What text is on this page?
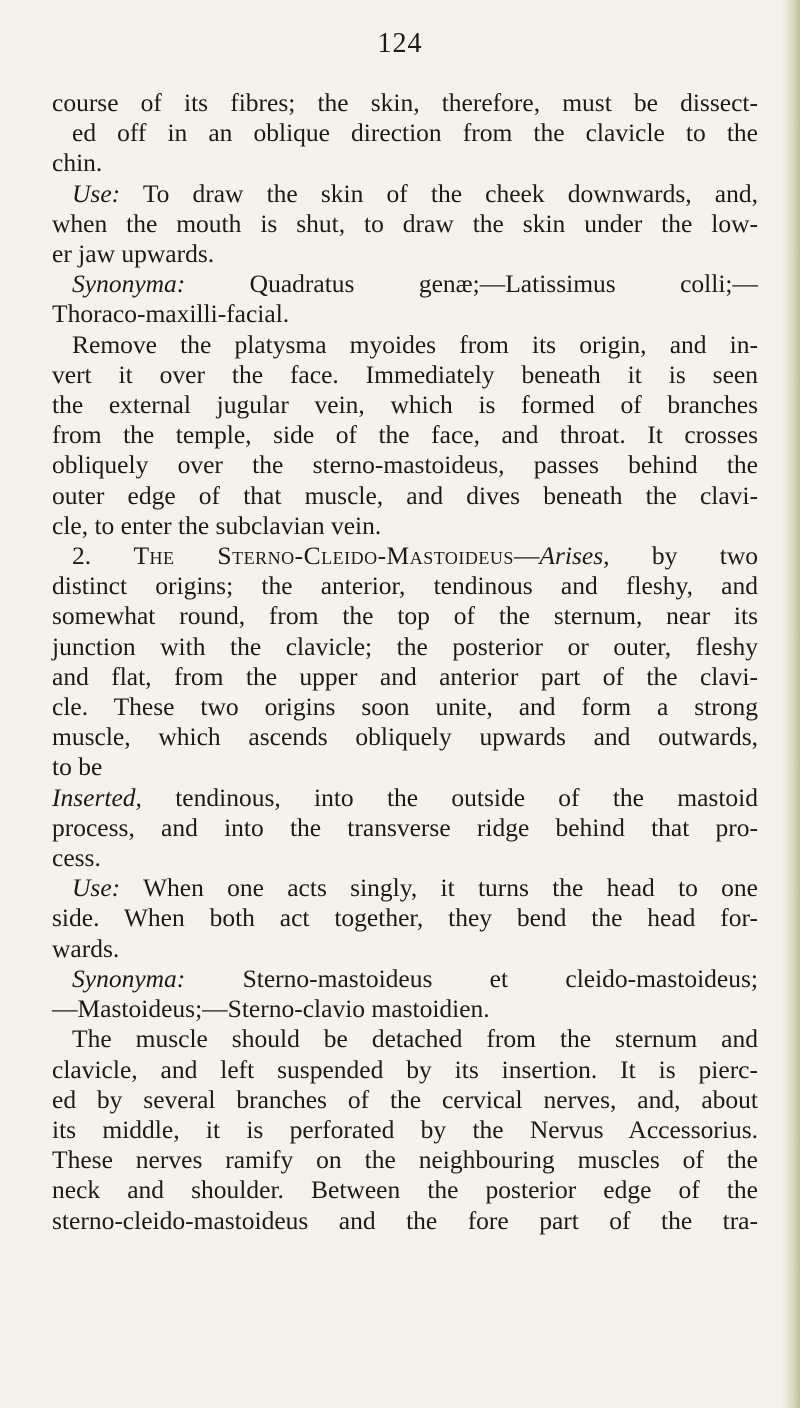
124
course of its fibres; the skin, therefore, must be dissect-
ed off in an oblique direction from the clavicle to the
chin.
Use: To draw the skin of the cheek downwards, and,
when the mouth is shut, to draw the skin under the low-
er jaw upwards.
Synonyma: Quadratus genæ;—Latissimus colli;—
Thoraco-maxilli-facial.
Remove the platysma myoides from its origin, and in-
vert it over the face. Immediately beneath it is seen
the external jugular vein, which is formed of branches
from the temple, side of the face, and throat. It crosses
obliquely over the sterno-mastoideus, passes behind the
outer edge of that muscle, and dives beneath the clavi-
cle, to enter the subclavian vein.
2. The Sterno-Cleido-Mastoideus—Arises, by two
distinct origins; the anterior, tendinous and fleshy, and
somewhat round, from the top of the sternum, near its
junction with the clavicle; the posterior or outer, fleshy
and flat, from the upper and anterior part of the clavi-
cle. These two origins soon unite, and form a strong
muscle, which ascends obliquely upwards and outwards,
to be
Inserted, tendinous, into the outside of the mastoid
process, and into the transverse ridge behind that pro-
cess.
Use: When one acts singly, it turns the head to one
side. When both act together, they bend the head for-
wards.
Synonyma: Sterno-mastoideus et cleido-mastoideus;
—Mastoideus;—Sterno-clavio mastoidien.
The muscle should be detached from the sternum and
clavicle, and left suspended by its insertion. It is pierc-
ed by several branches of the cervical nerves, and, about
its middle, it is perforated by the Nervus Accessorius.
These nerves ramify on the neighbouring muscles of the
neck and shoulder. Between the posterior edge of the
sterno-cleido-mastoideus and the fore part of the tra-
